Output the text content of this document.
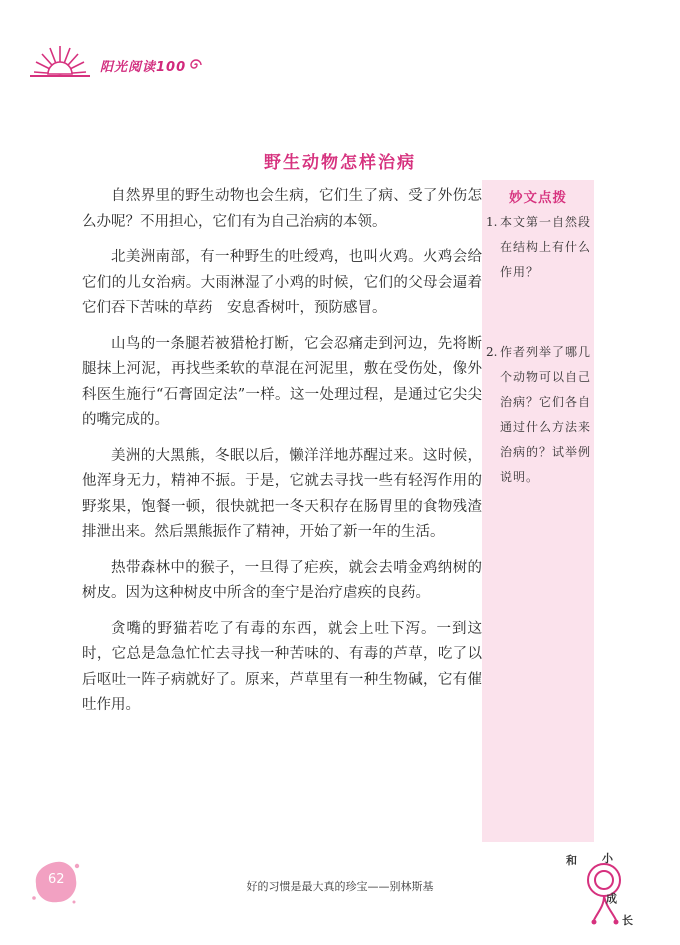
阳光阅读100
野生动物怎样治病

自然界里的野生动物也会生病，它们生了病、受了外伤怎么办呢？不用担心，它们有为自己治病的本领。

北美洲南部，有一种野生的吐绶鸡，也叫火鸡。火鸡会给它们的儿女治病。大雨淋湿了小鸡的时候，它们的父母会逼着它们吞下苦味的草药　安息香树叶，预防感冒。

山鸟的一条腿若被猎枪打断，它会忍痛走到河边，先将断腿抹上河泥，再找些柔软的草混在河泥里，敷在受伤处，像外科医生施行“石膏固定法”一样。这一处理过程，是通过它尖尖的嘴完成的。

美洲的大黑熊，冬眠以后，懒洋洋地苏醒过来。这时候，他浑身无力，精神不振。于是，它就去寻找一些有轻泻作用的野浆果，饱餐一顿，很快就把一冬天积存在肠胃里的食物残渣排泄出来。然后黑熊振作了精神，开始了新一年的生活。

热带森林中的猴子，一旦得了疟疾，就会去啃金鸡纳树的树皮。因为这种树皮中所含的奎宁是治疗虐疾的良药。

贪嘴的野猫若吃了有毒的东西，就会上吐下泻。一到这时，它总是急急忙忙去寻找一种苦味的、有毒的芦草，吃了以后呕吐一阵子病就好了。原来，芦草里有一种生物碱，它有催吐作用。

妙文点拨
1. 本文第一自然段在结构上有什么作用？
2. 作者列举了哪几个动物可以自己治病？它们各自通过什么方法来治病的？试举例说明。
62	好的习惯是最大真的珍宝——别林斯基
和 小
成
长
